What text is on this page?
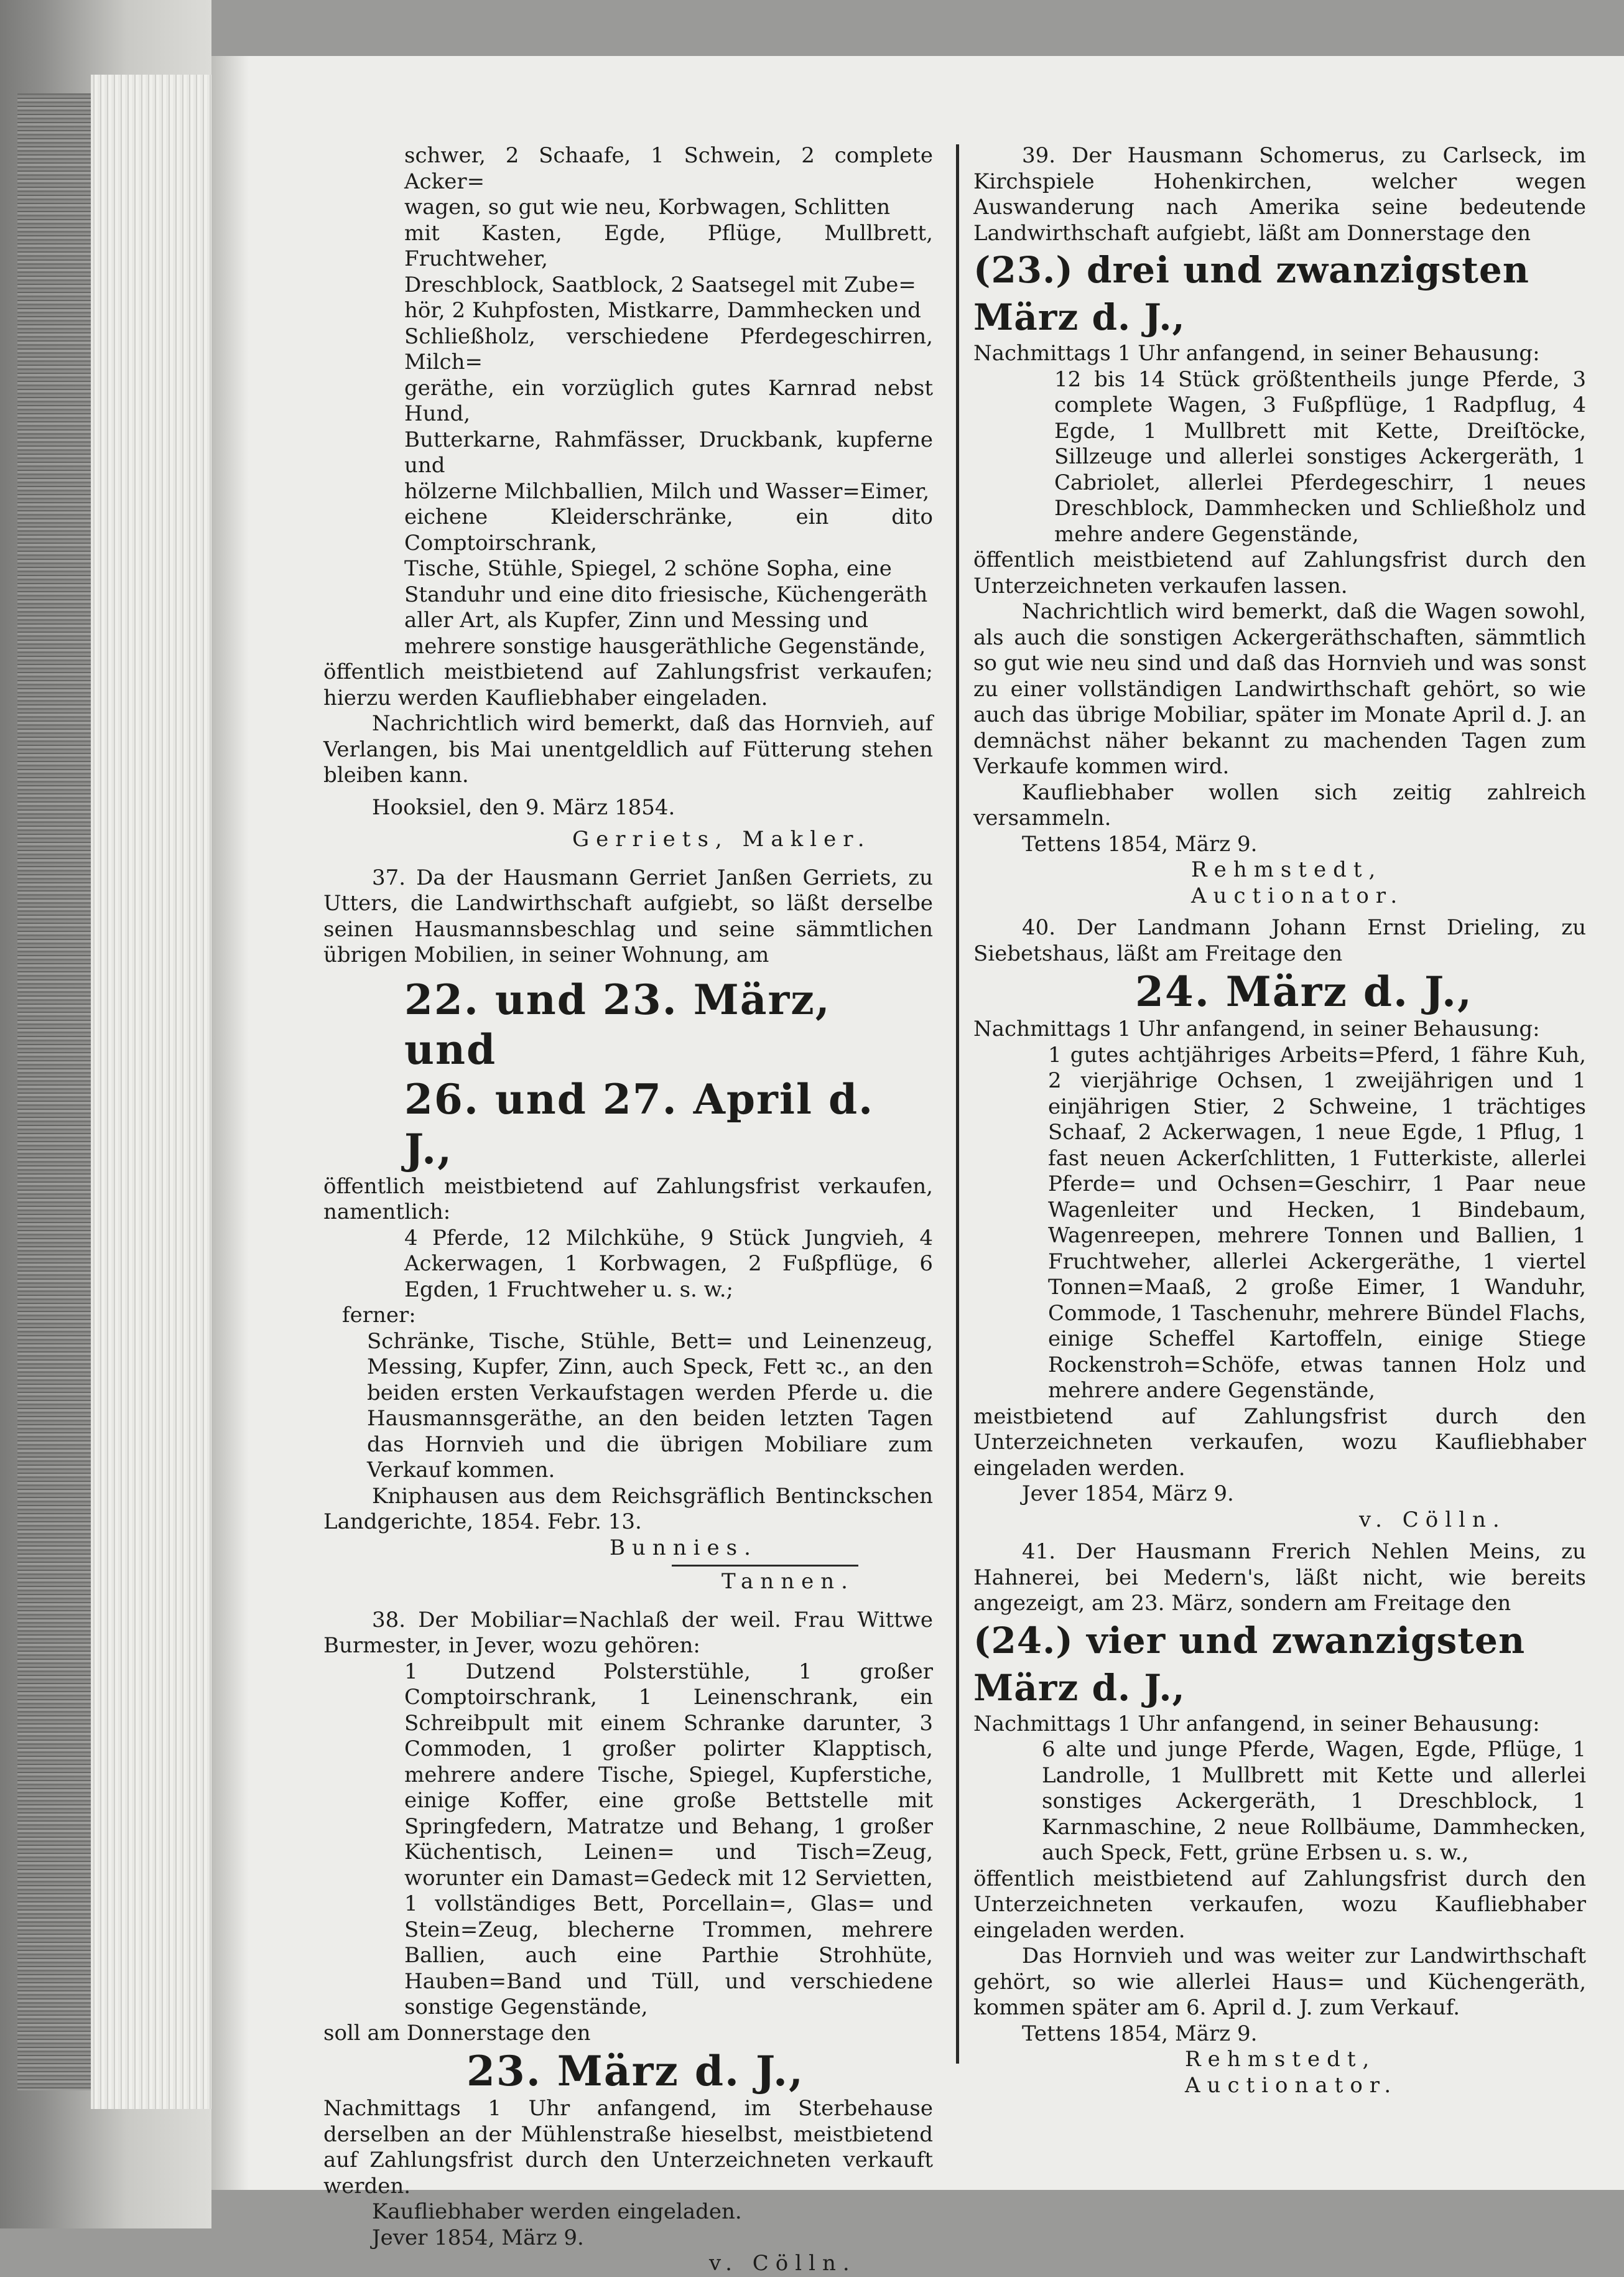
schwer, 2 Schaafe, 1 Schwein, 2 complete Acker=

wagen, so gut wie neu, Korbwagen, Schlitten

mit Kasten, Egde, Pflüge, Mullbrett, Fruchtweher,

Dreschblock, Saatblock, 2 Saatsegel mit Zube=

hör, 2 Kuhpfosten, Mistkarre, Dammhecken und

Schließholz, verschiedene Pferdegeschirren, Milch=

geräthe, ein vorzüglich gutes Karnrad nebst Hund,

Butterkarne, Rahmfässer, Druckbank, kupferne und

hölzerne Milchballien, Milch und Wasser=Eimer,

eichene Kleiderschränke, ein dito Comptoirschrank,

Tische, Stühle, Spiegel, 2 schöne Sopha, eine

Standuhr und eine dito friesische, Küchengeräth

aller Art, als Kupfer, Zinn und Messing und

mehrere sonstige hausgeräthliche Gegenstände,

öffentlich meistbietend auf Zahlungsfrist verkaufen; hierzu werden Kaufliebhaber eingeladen.

Nachrichtlich wird bemerkt, daß das Hornvieh, auf Verlangen, bis Mai unentgeldlich auf Fütterung stehen bleiben kann.

Hooksiel, den 9. März 1854.

Gerriets, Makler.

37. Da der Hausmann Gerriet Janßen Gerriets, zu Utters, die Landwirthschaft aufgiebt, so läßt derselbe seinen Hausmannsbeschlag und seine sämmtlichen übrigen Mobilien, in seiner Wohnung, am

22. und 23. März, und

26. und 27. April d. J.,

öffentlich meistbietend auf Zahlungsfrist verkaufen, namentlich:

4 Pferde, 12 Milchkühe, 9 Stück Jungvieh, 4 Ackerwagen, 1 Korbwagen, 2 Fußpflüge, 6 Egden, 1 Fruchtweher u. s. w.;

ferner:

Schränke, Tische, Stühle, Bett= und Leinenzeug, Messing, Kupfer, Zinn, auch Speck, Fett ꝛc., an den beiden ersten Verkaufstagen werden Pferde u. die Hausmannsgeräthe, an den beiden letzten Tagen das Hornvieh und die übrigen Mobiliare zum Verkauf kommen.

Kniphausen aus dem Reichsgräflich Bentinckschen Landgerichte, 1854. Febr. 13.

Bunnies.

Tannen.

38. Der Mobiliar=Nachlaß der weil. Frau Wittwe Burmester, in Jever, wozu gehören:

1 Dutzend Polsterstühle, 1 großer Comptoirschrank, 1 Leinenschrank, ein Schreibpult mit einem Schranke darunter, 3 Commoden, 1 großer polirter Klapptisch, mehrere andere Tische, Spiegel, Kupferstiche, einige Koffer, eine große Bettstelle mit Springfedern, Matratze und Behang, 1 großer Küchentisch, Leinen= und Tisch=Zeug, worunter ein Damast=Gedeck mit 12 Servietten, 1 vollständiges Bett, Porcellain=, Glas= und Stein=Zeug, blecherne Trommen, mehrere Ballien, auch eine Parthie Strohhüte, Hauben=Band und Tüll, und verschiedene sonstige Gegenstände,

soll am Donnerstage den

23. März d. J.,

Nachmittags 1 Uhr anfangend, im Sterbehause derselben an der Mühlenstraße hieselbst, meistbietend auf Zahlungsfrist durch den Unterzeichneten verkauft werden.

Kaufliebhaber werden eingeladen.

Jever 1854, März 9.

v. Cölln.

39. Der Hausmann Schomerus, zu Carlseck, im Kirchspiele Hohenkirchen, welcher wegen Auswanderung nach Amerika seine bedeutende Landwirthschaft aufgiebt, läßt am Donnerstage den

(23.) drei und zwanzigsten März d. J.,

Nachmittags 1 Uhr anfangend, in seiner Behausung:

12 bis 14 Stück größtentheils junge Pferde, 3 complete Wagen, 3 Fußpflüge, 1 Radpflug, 4 Egde, 1 Mullbrett mit Kette, Dreiſtöcke, Sillzeuge und allerlei sonstiges Ackergeräth, 1 Cabriolet, allerlei Pferdegeschirr, 1 neues Dreschblock, Dammhecken und Schließholz und mehre andere Gegenstände,

öffentlich meistbietend auf Zahlungsfrist durch den Unterzeichneten verkaufen lassen.

Nachrichtlich wird bemerkt, daß die Wagen sowohl, als auch die sonstigen Ackergeräthschaften, sämmtlich so gut wie neu sind und daß das Hornvieh und was sonst zu einer vollständigen Landwirthschaft gehört, so wie auch das übrige Mobiliar, später im Monate April d. J. an demnächst näher bekannt zu machenden Tagen zum Verkaufe kommen wird.

Kaufliebhaber wollen sich zeitig zahlreich versammeln.

Tettens 1854, März 9.

Rehmstedt, Auctionator.

40. Der Landmann Johann Ernst Drieling, zu Siebetshaus, läßt am Freitage den

24. März d. J.,

Nachmittags 1 Uhr anfangend, in seiner Behausung:

1 gutes achtjähriges Arbeits=Pferd, 1 fähre Kuh, 2 vierjährige Ochsen, 1 zweijährigen und 1 einjährigen Stier, 2 Schweine, 1 trächtiges Schaaf, 2 Ackerwagen, 1 neue Egde, 1 Pflug, 1 fast neuen Ackerſchlitten, 1 Futterkiste, allerlei Pferde= und Ochsen=Geschirr, 1 Paar neue Wagenleiter und Hecken, 1 Bindebaum, Wagenreepen, mehrere Tonnen und Ballien, 1 Fruchtweher, allerlei Ackergeräthe, 1 viertel Tonnen=Maaß, 2 große Eimer, 1 Wanduhr, Commode, 1 Taschenuhr, mehrere Bündel Flachs, einige Scheffel Kartoffeln, einige Stiege Rockenstroh=Schöfe, etwas tannen Holz und mehrere andere Gegenstände,

meistbietend auf Zahlungsfrist durch den Unterzeichneten verkaufen, wozu Kaufliebhaber eingeladen werden.

Jever 1854, März 9.

v. Cölln.

41. Der Hausmann Frerich Nehlen Meins, zu Hahnerei, bei Medern's, läßt nicht, wie bereits angezeigt, am 23. März, sondern am Freitage den

(24.) vier und zwanzigsten März d. J.,

Nachmittags 1 Uhr anfangend, in seiner Behausung:

6 alte und junge Pferde, Wagen, Egde, Pflüge, 1 Landrolle, 1 Mullbrett mit Kette und allerlei sonstiges Ackergeräth, 1 Dreschblock, 1 Karnmaschine, 2 neue Rollbäume, Dammhecken, auch Speck, Fett, grüne Erbsen u. s. w.,

öffentlich meistbietend auf Zahlungsfrist durch den Unterzeichneten verkaufen, wozu Kaufliebhaber eingeladen werden.

Das Hornvieh und was weiter zur Landwirthschaft gehört, so wie allerlei Haus= und Küchengeräth, kommen später am 6. April d. J. zum Verkauf.

Tettens 1854, März 9.

Rehmstedt, Auctionator.
